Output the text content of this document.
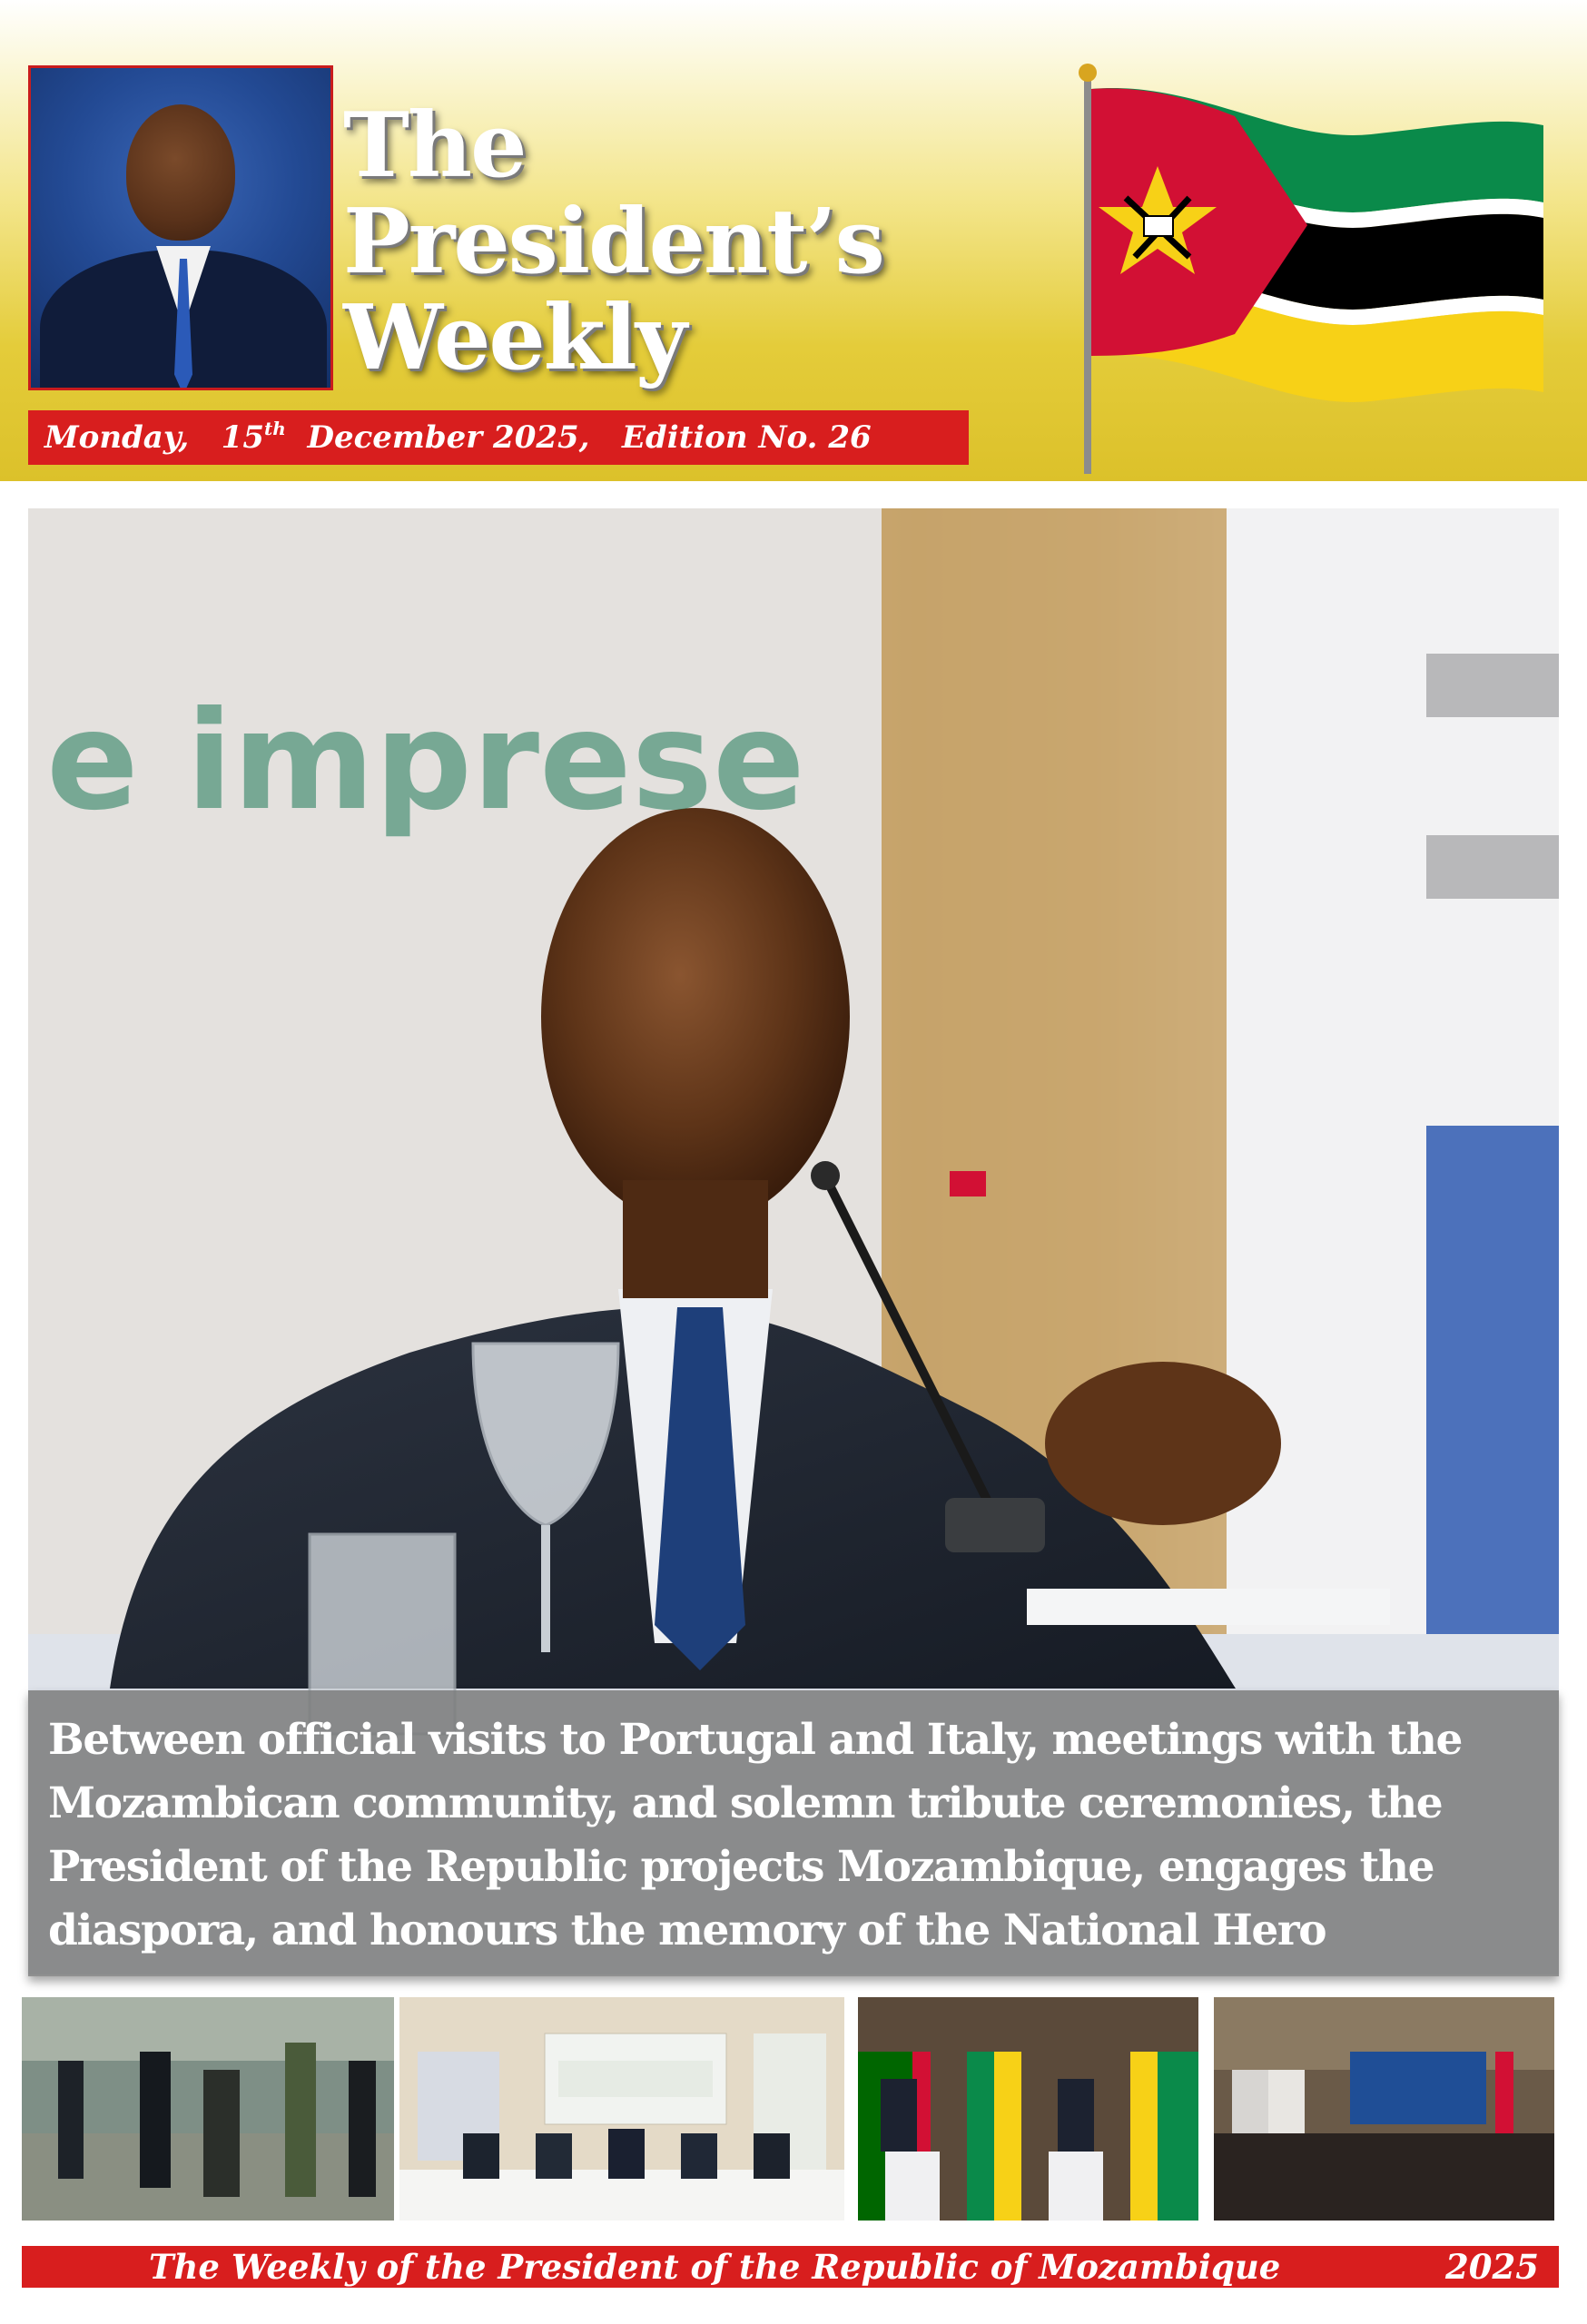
The President’s
Weekly
Monday,   15th  December 2025,   Edition No. 26
e imprese
Between official visits to Portugal and Italy, meetings with the Mozambican community, and solemn tribute ceremonies, the President of the Republic projects Mozambique, engages the diaspora, and honours the memory of the National Hero
The Weekly of the President of the Republic of Mozambique	2025
